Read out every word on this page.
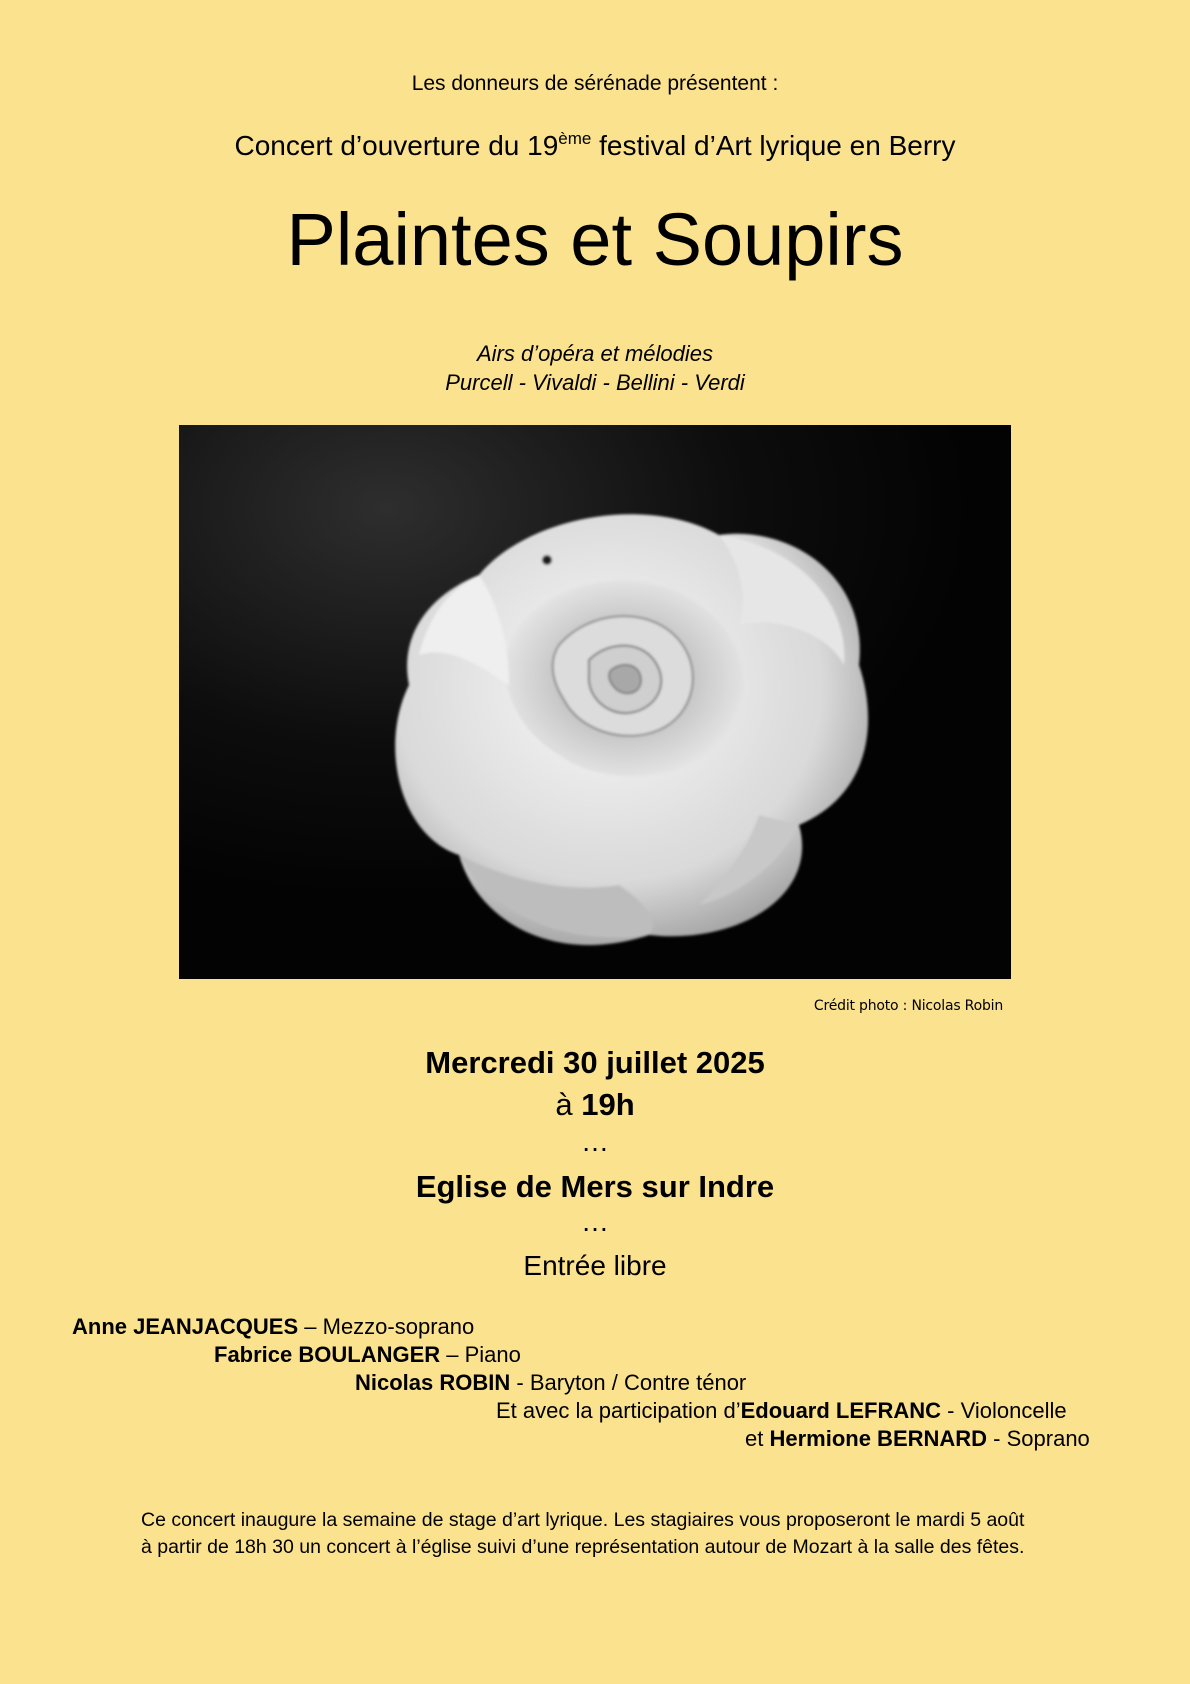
Les donneurs de sérénade présentent :
Concert d’ouverture du 19ème festival d’Art lyrique en Berry
Plaintes et Soupirs
Airs d’opéra et mélodies
Purcell - Vivaldi - Bellini - Verdi
Crédit photo : Nicolas Robin
Mercredi 30 juillet 2025
à 19h
…
Eglise de Mers sur Indre
…
Entrée libre
Anne JEANJACQUES – Mezzo-soprano
Fabrice BOULANGER – Piano
Nicolas ROBIN - Baryton / Contre ténor
Et avec la participation d’Edouard LEFRANC - Violoncelle
et Hermione BERNARD - Soprano
Ce concert inaugure la semaine de stage d’art lyrique. Les stagiaires vous proposeront le mardi 5 août
à partir de 18h 30 un concert à l’église suivi d’une représentation autour de Mozart à la salle des fêtes.
